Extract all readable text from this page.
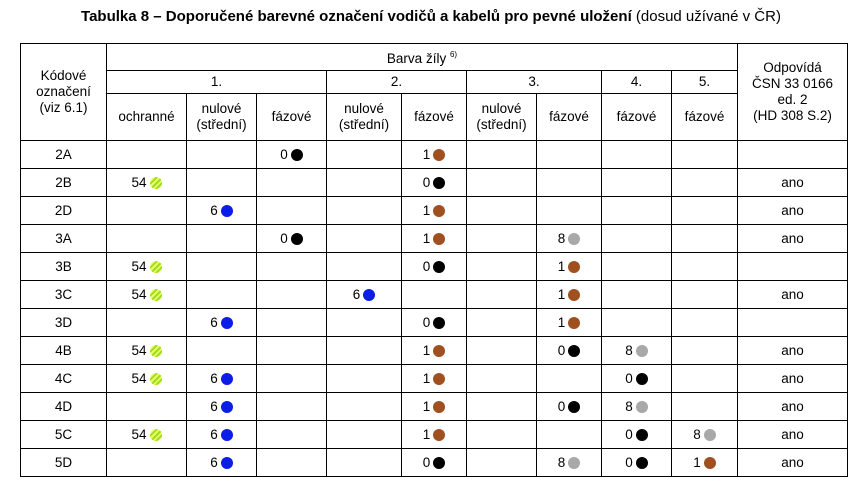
Tabulka 8 – Doporučené barevné označení vodičů a kabelů pro pevné uložení (dosud užívané v ČR)
Kódové
označení
(viz 6.1)	Barva žíly $^{6)}$									Odpovídá
ČSN 33 0166
ed. 2
(HD 308 S.2)
	1.			2.		3.		4.	5.	
	ochranné	nulové
(střední)	fázové	nulové
(střední)	fázové	nulové
(střední)	fázové	fázové	fázové	
2A			0		1					

2B	54				0					ano
2D		6			1					ano
3A			0		1		8			ano
3B	54				0		1			

3C	54			6			1			ano
3D		6			0		1			

4B	54				1		0	8		ano
4C	54	6			1			0		ano
4D		6			1		0	8		ano
5C	54	6			1			0	8	ano
5D		6			0		8	0	1	ano
